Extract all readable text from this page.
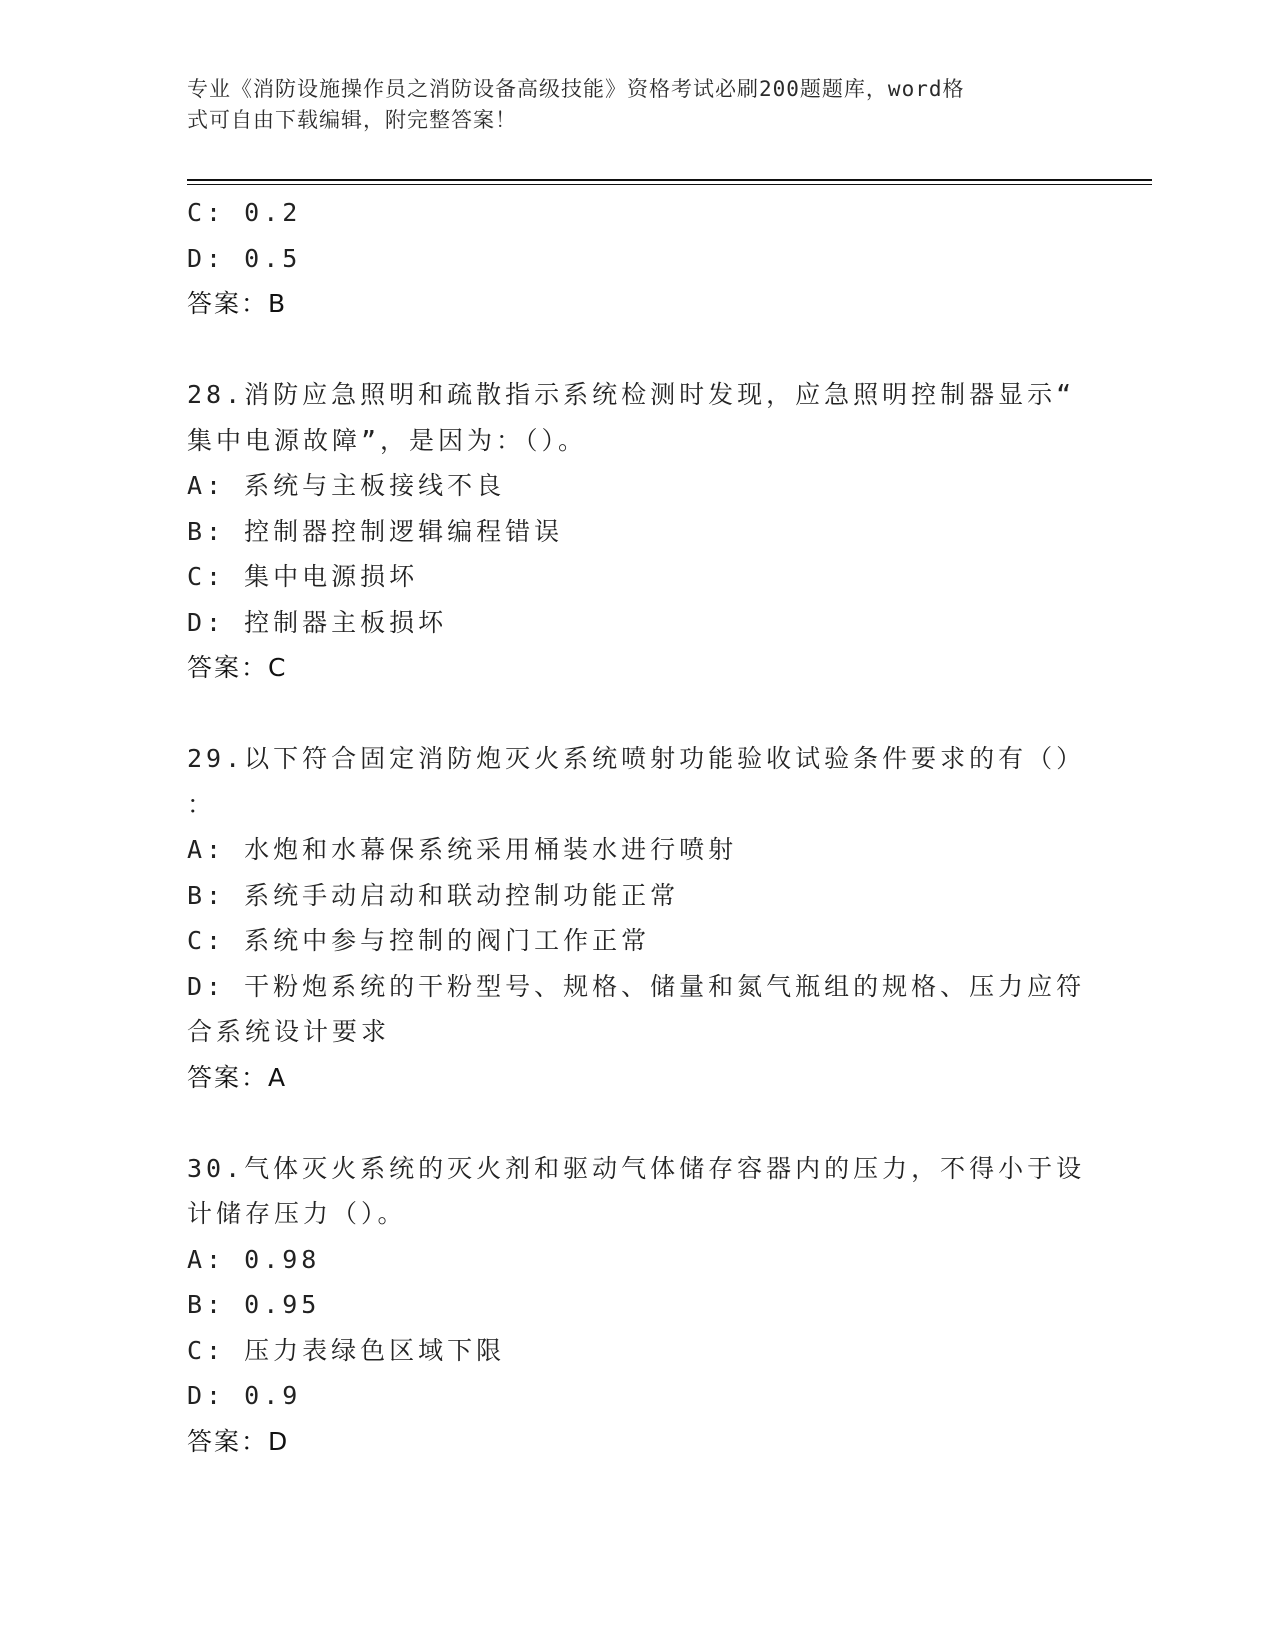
专业《消防设施操作员之消防设备高级技能》资格考试必刷200题题库，word格
式可自由下载编辑，附完整答案！
C: 0.2
D: 0.5
答案：B
28.消防应急照明和疏散指示系统检测时发现，应急照明控制器显示“
集中电源故障”，是因为：（）。
A: 系统与主板接线不良
B: 控制器控制逻辑编程错误
C: 集中电源损坏
D: 控制器主板损坏
答案：C
29.以下符合固定消防炮灭火系统喷射功能验收试验条件要求的有（）
：
A: 水炮和水幕保系统采用桶装水进行喷射
B: 系统手动启动和联动控制功能正常
C: 系统中参与控制的阀门工作正常
D: 干粉炮系统的干粉型号、规格、储量和氮气瓶组的规格、压力应符
合系统设计要求
答案：A
30.气体灭火系统的灭火剂和驱动气体储存容器内的压力，不得小于设
计储存压力（）。
A: 0.98
B: 0.95
C: 压力表绿色区域下限
D: 0.9
答案：D
